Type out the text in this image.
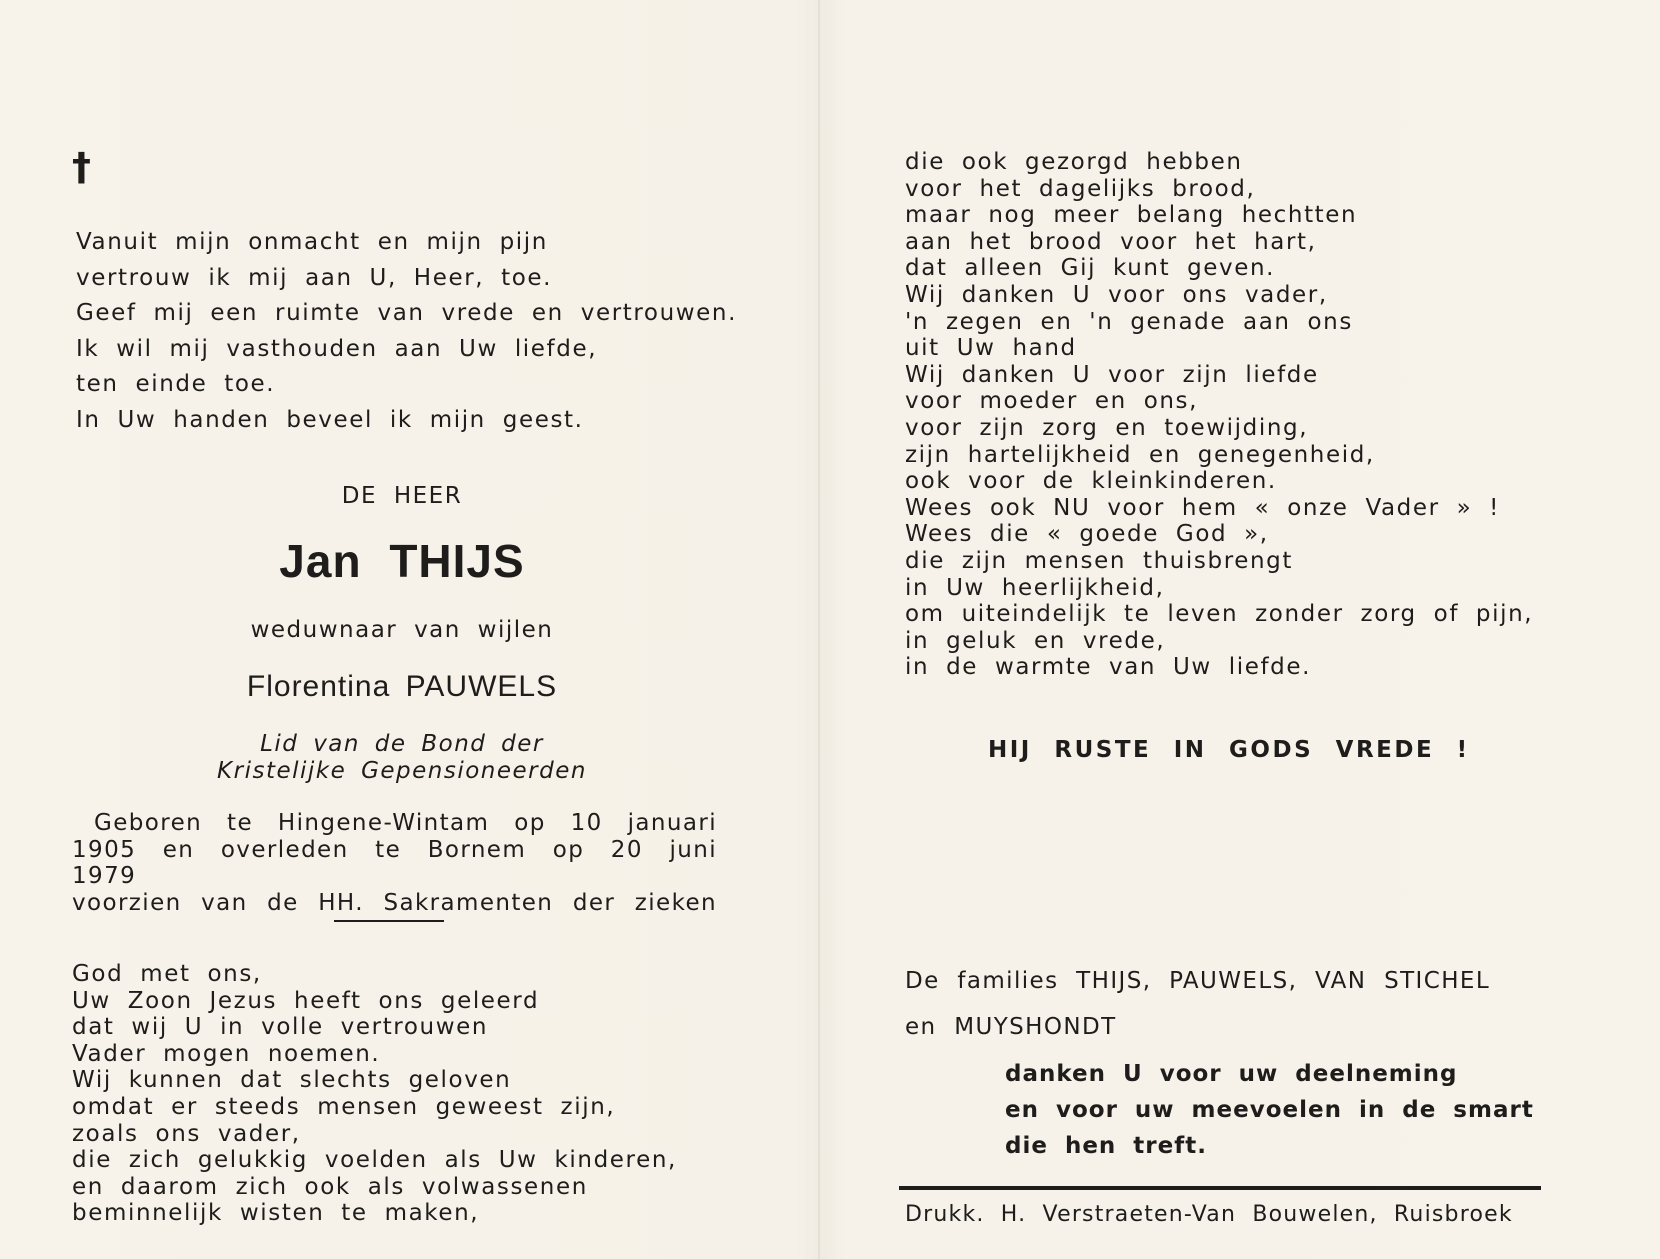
†
Vanuit mijn onmacht en mijn pijn
vertrouw ik mij aan U, Heer, toe.
Geef mij een ruimte van vrede en vertrouwen.
Ik wil mij vasthouden aan Uw liefde,
ten einde toe.
In Uw handen beveel ik mijn geest.
DE HEER
Jan THIJS
weduwnaar van wijlen
Florentina PAUWELS
Lid van de Bond der
Kristelijke Gepensioneerden
Geboren te Hingene-Wintam op 10 januari
1905 en overleden te Bornem op 20 juni 1979
voorzien van de HH. Sakramenten der zieken
God met ons,
Uw Zoon Jezus heeft ons geleerd
dat wij U in volle vertrouwen
Vader mogen noemen.
Wij kunnen dat slechts geloven
omdat er steeds mensen geweest zijn,
zoals ons vader,
die zich gelukkig voelden als Uw kinderen,
en daarom zich ook als volwassenen
beminnelijk wisten te maken,
die ook gezorgd hebben
voor het dagelijks brood,
maar nog meer belang hechtten
aan het brood voor het hart,
dat alleen Gij kunt geven.
Wij danken U voor ons vader,
'n zegen en 'n genade aan ons
uit Uw hand
Wij danken U voor zijn liefde
voor moeder en ons,
voor zijn zorg en toewijding,
zijn hartelijkheid en genegenheid,
ook voor de kleinkinderen.
Wees ook NU voor hem « onze Vader » !
Wees die « goede God »,
die zijn mensen thuisbrengt
in Uw heerlijkheid,
om uiteindelijk te leven zonder zorg of pijn,
in geluk en vrede,
in de warmte van Uw liefde.
HIJ RUSTE IN GODS VREDE !
De families THIJS, PAUWELS, VAN STICHEL
en MUYSHONDT
danken U voor uw deelneming
en voor uw meevoelen in de smart
die hen treft.
Drukk. H. Verstraeten-Van Bouwelen, Ruisbroek
